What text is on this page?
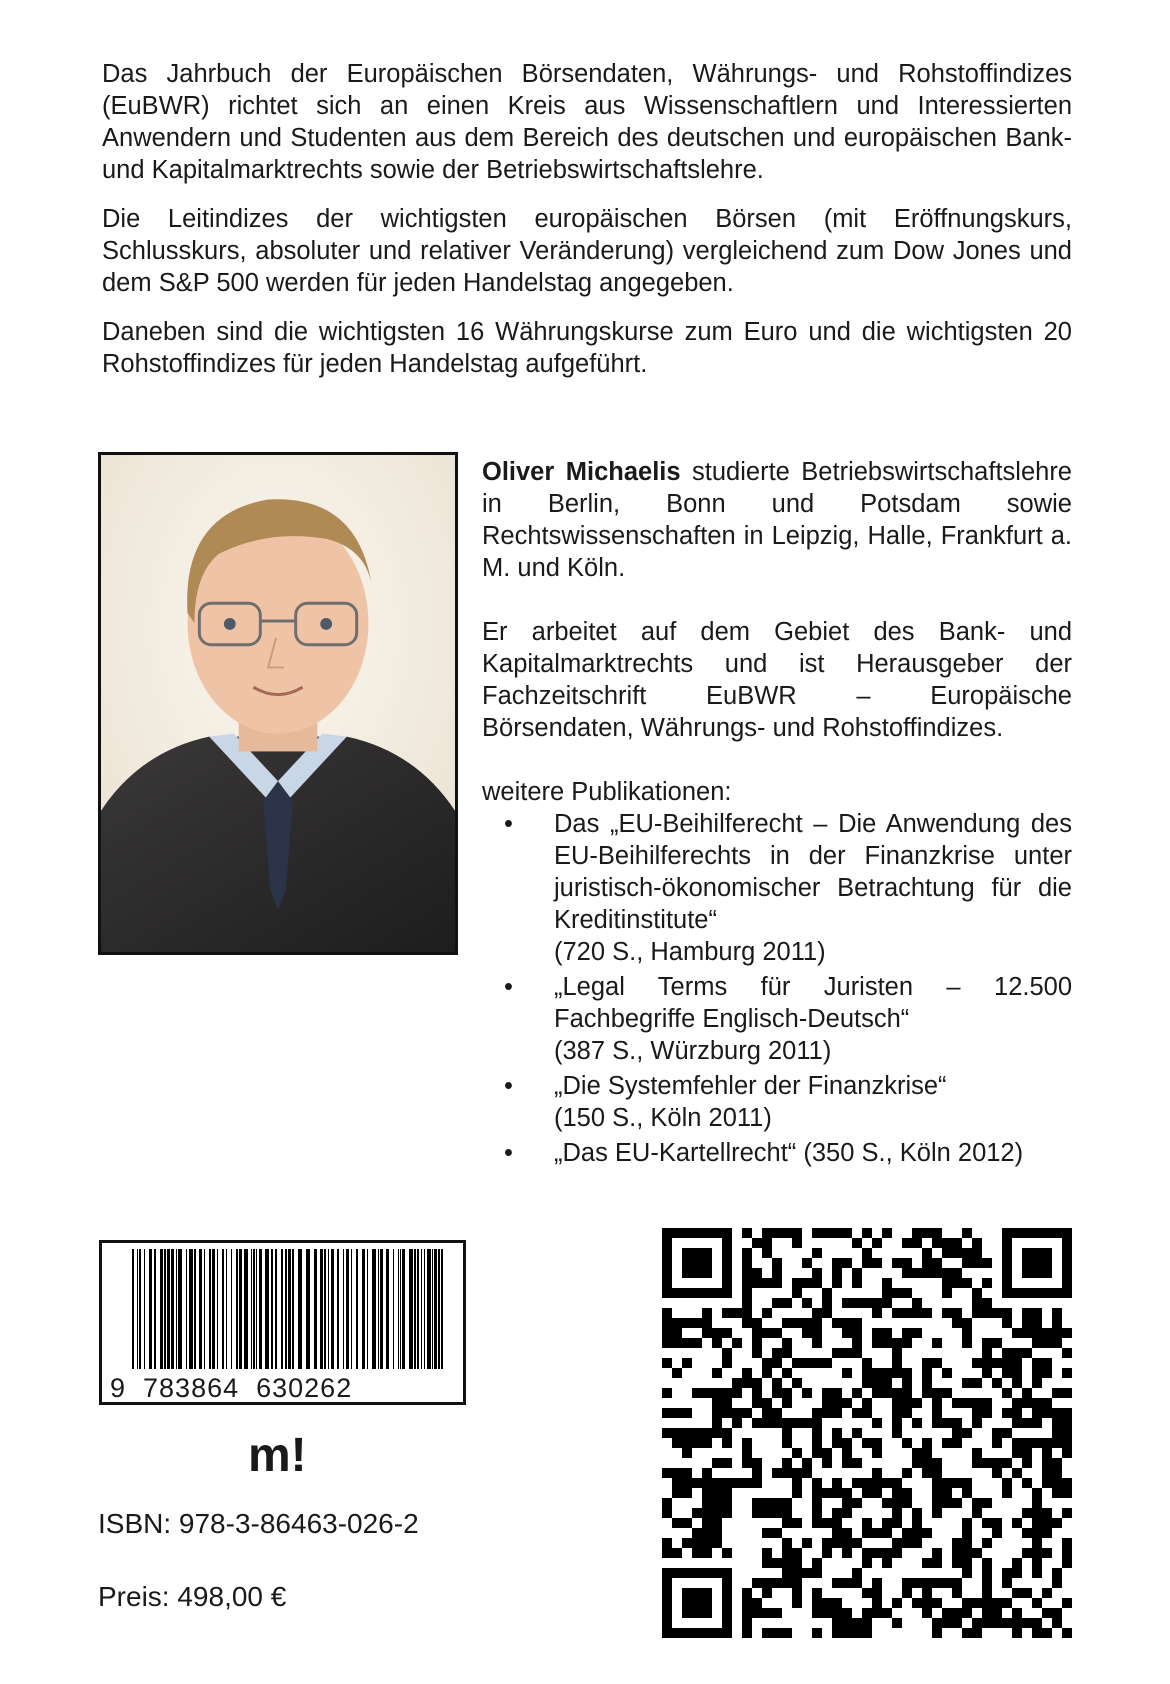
Das Jahrbuch der Europäischen Börsendaten, Währungs- und Rohstoffindizes (EuBWR) richtet sich an einen Kreis aus Wissenschaftlern und Interessierten Anwendern und Studenten aus dem Bereich des deutschen und europäischen Bank- und Kapitalmarktrechts sowie der Betriebswirtschaftslehre.

Die Leitindizes der wichtigsten europäischen Börsen (mit Eröffnungskurs, Schlusskurs, absoluter und relativer Veränderung) vergleichend zum Dow Jones und dem S&P 500 werden für jeden Handelstag angegeben.

Daneben sind die wichtigsten 16 Währungskurse zum Euro und die wichtigsten 20 Rohstoffindizes für jeden Handelstag aufgeführt.

Oliver Michaelis studierte Betriebswirtschaftslehre in Berlin, Bonn und Potsdam sowie Rechtswissenschaften in Leipzig, Halle, Frankfurt a. M. und Köln.

Er arbeitet auf dem Gebiet des Bank- und Kapitalmarktrechts und ist Herausgeber der Fachzeitschrift EuBWR – Europäische Börsendaten, Währungs- und Rohstoffindizes.

weitere Publikationen:

• Das „EU-Beihilferecht – Die Anwendung des EU-Beihilferechts in der Finanzkrise unter juristisch-ökonomischer Betrachtung für die Kreditinstitute“
(720 S., Hamburg 2011)
• „Legal Terms für Juristen – 12.500 Fachbegriffe Englisch-Deutsch“
(387 S., Würzburg 2011)
• „Die Systemfehler der Finanzkrise“
(150 S., Köln 2011)
• „Das EU-Kartellrecht“ (350 S., Köln 2012)
9  783864  630262
m!
ISBN: 978-3-86463-026-2
Preis: 498,00 €
